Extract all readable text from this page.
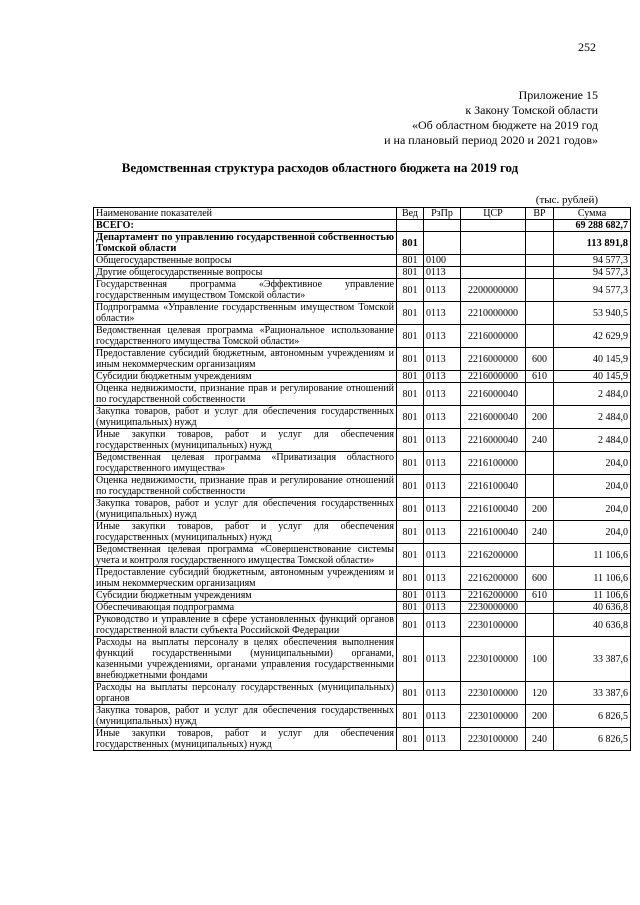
252
Приложение 15
к Закону Томской области
«Об областном бюджете на 2019 год
и на плановый период 2020 и 2021 годов»
Ведомственная структура расходов областного бюджета на 2019 год
(тыс. рублей)
Наименование показателей	Вед	РзПр	ЦСР	ВР	Сумма
ВСЕГО:					69 288 682,7
Департамент по управлению государственной собственностью Томской области	801				113 891,8
Общегосударственные вопросы	801	0100			94 577,3
Другие общегосударственные вопросы	801	0113			94 577,3
Государственная программа «Эффективное управление государственным имуществом Томской области»	801	0113	2200000000		94 577,3
Подпрограмма «Управление государственным имуществом Томской области»	801	0113	2210000000		53 940,5
Ведомственная целевая программа «Рациональное использование государственного имущества Томской области»	801	0113	2216000000		42 629,9
Предоставление субсидий бюджетным, автономным учреждениям и иным некоммерческим организациям	801	0113	2216000000	600	40 145,9
Субсидии бюджетным учреждениям	801	0113	2216000000	610	40 145,9
Оценка недвижимости, признание прав и регулирование отношений по государственной собственности	801	0113	2216000040		2 484,0
Закупка товаров, работ и услуг для обеспечения государственных (муниципальных) нужд	801	0113	2216000040	200	2 484,0
Иные закупки товаров, работ и услуг для обеспечения государственных (муниципальных) нужд	801	0113	2216000040	240	2 484,0
Ведомственная целевая программа «Приватизация областного государственного имущества»	801	0113	2216100000		204,0
Оценка недвижимости, признание прав и регулирование отношений по государственной собственности	801	0113	2216100040		204,0
Закупка товаров, работ и услуг для обеспечения государственных (муниципальных) нужд	801	0113	2216100040	200	204,0
Иные закупки товаров, работ и услуг для обеспечения государственных (муниципальных) нужд	801	0113	2216100040	240	204,0
Ведомственная целевая программа «Совершенствование системы учета и контроля государственного имущества Томской области»	801	0113	2216200000		11 106,6
Предоставление субсидий бюджетным, автономным учреждениям и иным некоммерческим организациям	801	0113	2216200000	600	11 106,6
Субсидии бюджетным учреждениям	801	0113	2216200000	610	11 106,6
Обеспечивающая подпрограмма	801	0113	2230000000		40 636,8
Руководство и управление в сфере установленных функций органов государственной власти субъекта Российской Федерации	801	0113	2230100000		40 636,8
Расходы на выплаты персоналу в целях обеспечения выполнения функций государственными (муниципальными) органами, казенными учреждениями, органами управления государственными внебюджетными фондами	801	0113	2230100000	100	33 387,6
Расходы на выплаты персоналу государственных (муниципальных) органов	801	0113	2230100000	120	33 387,6
Закупка товаров, работ и услуг для обеспечения государственных (муниципальных) нужд	801	0113	2230100000	200	6 826,5
Иные закупки товаров, работ и услуг для обеспечения государственных (муниципальных) нужд	801	0113	2230100000	240	6 826,5
